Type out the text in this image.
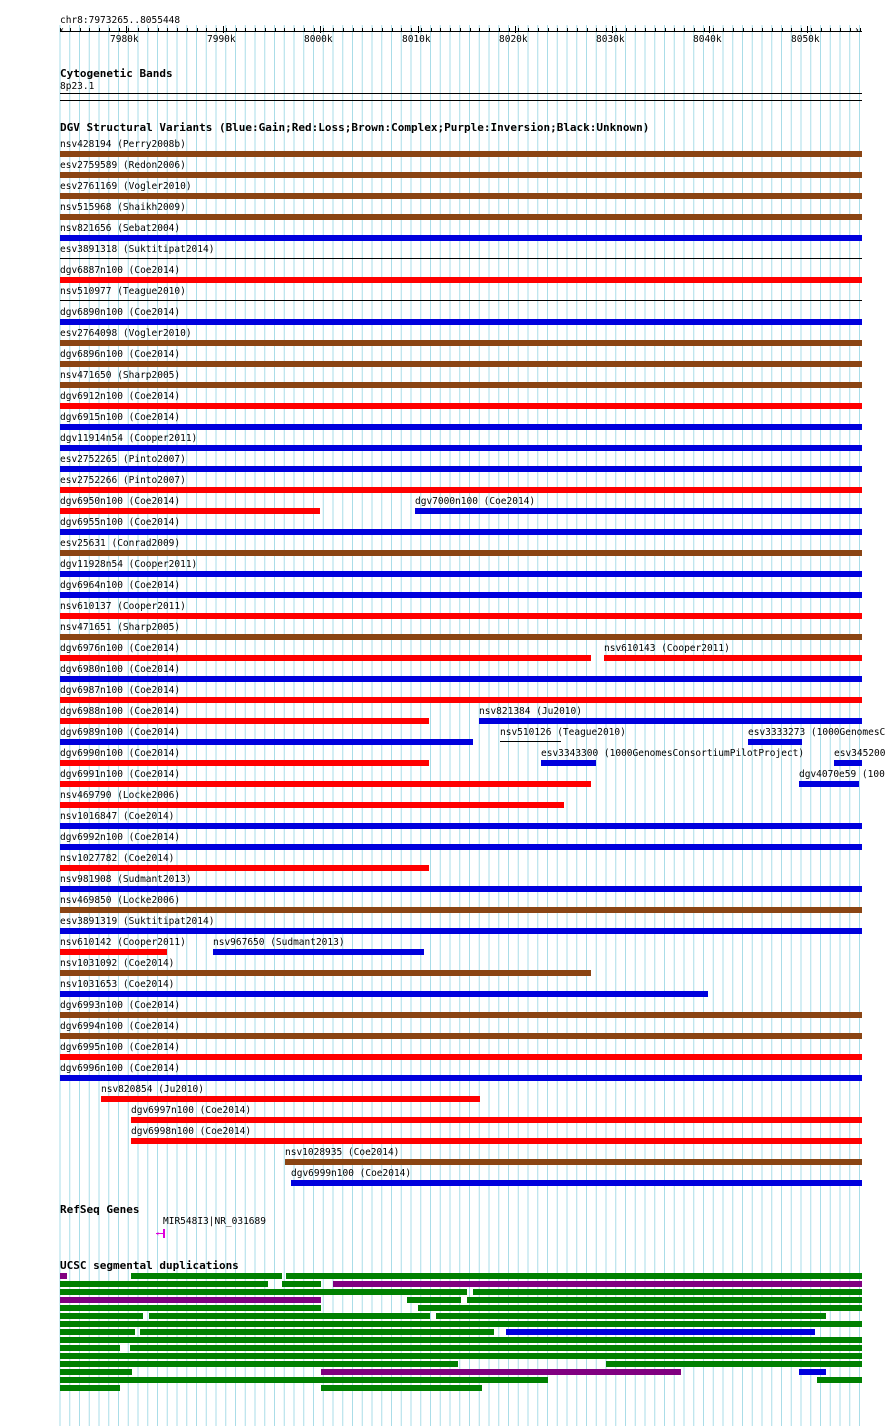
chr8:7973265..8055448
7980k	7990k	8000k	8010k	8020k	8030k	8040k	8050k
‹	›
Cytogenetic Bands
8p23.1
DGV Structural Variants (Blue:Gain;Red:Loss;Brown:Complex;Purple:Inversion;Black:Unknown)
nsv428194 (Perry2008b)
esv2759589 (Redon2006)
esv2761169 (Vogler2010)
nsv515968 (Shaikh2009)
nsv821656 (Sebat2004)
esv3891318 (Suktitipat2014)
dgv6887n100 (Coe2014)
nsv510977 (Teague2010)
dgv6890n100 (Coe2014)
esv2764098 (Vogler2010)
dgv6896n100 (Coe2014)
nsv471650 (Sharp2005)
dgv6912n100 (Coe2014)
dgv6915n100 (Coe2014)
dgv11914n54 (Cooper2011)
esv2752265 (Pinto2007)
esv2752266 (Pinto2007)
dgv6950n100 (Coe2014)	dgv7000n100 (Coe2014)
dgv6955n100 (Coe2014)
esv25631 (Conrad2009)
dgv11928n54 (Cooper2011)
dgv6964n100 (Coe2014)
nsv610137 (Cooper2011)
nsv471651 (Sharp2005)
dgv6976n100 (Coe2014)	nsv610143 (Cooper2011)
dgv6980n100 (Coe2014)
dgv6987n100 (Coe2014)
dgv6988n100 (Coe2014)	nsv821384 (Ju2010)
dgv6989n100 (Coe2014)	nsv510126 (Teague2010)	esv3333273 (1000GenomesC
dgv6990n100 (Coe2014)	esv3343300 (1000GenomesConsortiumPilotProject)	esv345200
dgv6991n100 (Coe2014)	dgv4070e59 (100
nsv469790 (Locke2006)
nsv1016847 (Coe2014)
dgv6992n100 (Coe2014)
nsv1027782 (Coe2014)
nsv981908 (Sudmant2013)
nsv469850 (Locke2006)
esv3891319 (Suktitipat2014)
nsv610142 (Cooper2011)	nsv967650 (Sudmant2013)
nsv1031092 (Coe2014)
nsv1031653 (Coe2014)
dgv6993n100 (Coe2014)
dgv6994n100 (Coe2014)
dgv6995n100 (Coe2014)
dgv6996n100 (Coe2014)
nsv820854 (Ju2010)
dgv6997n100 (Coe2014)
dgv6998n100 (Coe2014)
nsv1028935 (Coe2014)
dgv6999n100 (Coe2014)
RefSeq Genes
MIR548I3|NR_031689
‹
UCSC segmental duplications
